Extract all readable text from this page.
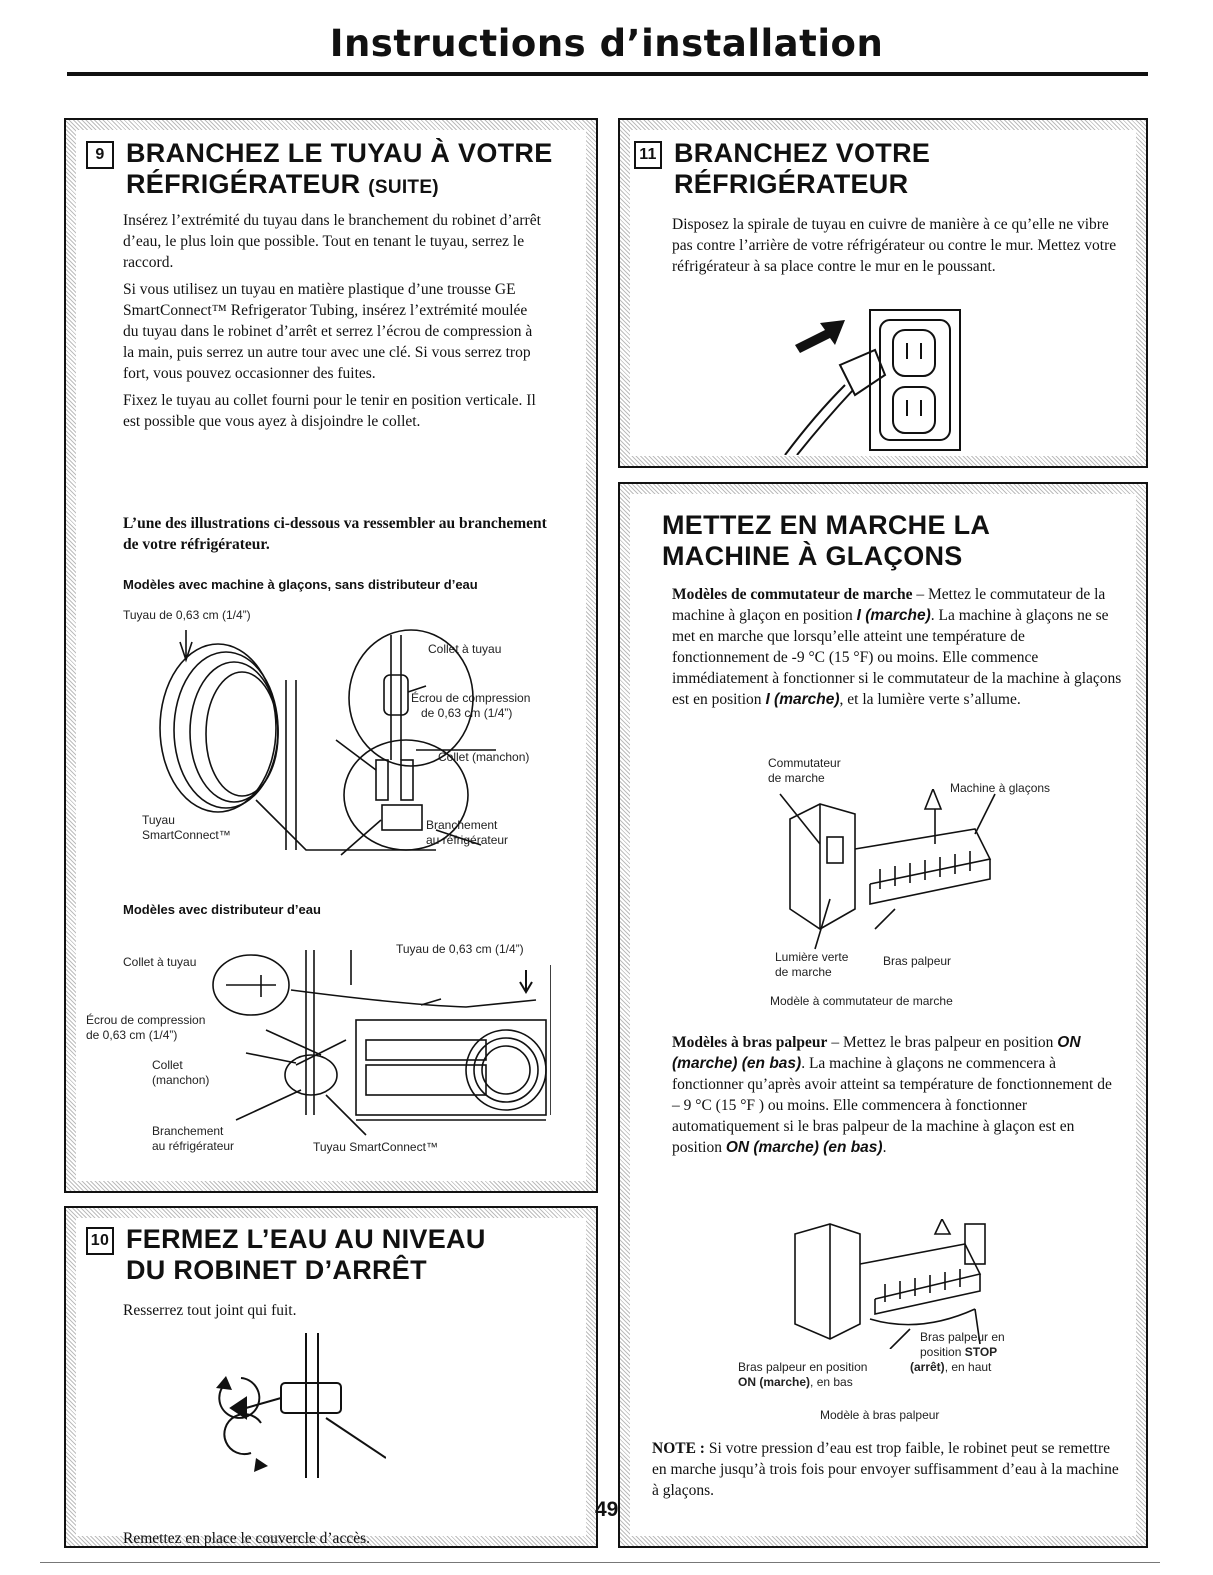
Instructions d’installation
9 BRANCHEZ LE TUYAU À VOTRE
RÉFRIGÉRATEUR (SUITE)

Insérez l’extrémité du tuyau dans le branchement du robinet d’arrêt d’eau, le plus loin que possible. Tout en tenant le tuyau, serrez le raccord.

Si vous utilisez un tuyau en matière plastique d’une trousse GE SmartConnect™ Refrigerator Tubing, insérez l’extrémité moulée du tuyau dans le robinet d’arrêt et serrez l’écrou de compression à la main, puis serrez un autre tour avec une clé. Si vous serrez trop fort, vous pouvez occasionner des fuites.

Fixez le tuyau au collet fourni pour le tenir en position verticale. Il est possible que vous ayez à disjoindre le collet.

L’une des illustrations ci-dessous va ressembler au branchement de votre réfrigérateur.
Modèles avec machine à glaçons, sans distributeur d’eau
Tuyau de 0,63 cm (1/4”)
Collet à tuyau
Écrou de compression
de 0,63 cm (1/4”)
Collet (manchon)
Tuyau
SmartConnect™
Branchement
au réfrigérateur
Modèles avec distributeur d’eau
Collet à tuyau
Tuyau de 0,63 cm (1/4”)
Écrou de compression
de 0,63 cm (1/4”)
Collet
(manchon)
Branchement
au réfrigérateur	Tuyau SmartConnect™
10 FERMEZ L’EAU AU NIVEAU
DU ROBINET D’ARRÊT

Resserrez tout joint qui fuit.

Remettez en place le couvercle d’accès.

11 BRANCHEZ VOTRE
RÉFRIGÉRATEUR

Disposez la spirale de tuyau en cuivre de manière à ce qu’elle ne vibre pas contre l’arrière de votre réfrigérateur ou contre le mur. Mettez votre réfrigérateur à sa place contre le mur en le poussant.

METTEZ EN MARCHE LA
MACHINE À GLAÇONS

Modèles de commutateur de marche – Mettez le commutateur de la machine à glaçon en position I (marche). La machine à glaçons ne se met en marche que lorsqu’elle atteint une température de fonctionnement de -9 °C (15 °F) ou moins. Elle commence immédiatement à fonctionner si le commutateur de la machine à glaçons est en position I (marche), et la lumière verte s’allume.

Commutateur
de marche
Machine à glaçons
Lumière verte
de marche
Bras palpeur
Modèle à commutateur de marche

Modèles à bras palpeur – Mettez le bras palpeur en position ON (marche) (en bas). La machine à glaçons ne commencera à fonctionner qu’après avoir atteint sa température de fonctionnement de – 9 °C (15 °F ) ou moins. Elle commencera à fonctionner automatiquement si le bras palpeur de la machine à glaçon est en position ON (marche) (en bas).

Bras palpeur en
position STOP
(arrêt), en haut
Bras palpeur en position
ON (marche), en bas
Modèle à bras palpeur

NOTE : Si votre pression d’eau est trop faible, le robinet peut se remettre en marche jusqu’à trois fois pour envoyer suffisamment d’eau à la machine à glaçons.

49
